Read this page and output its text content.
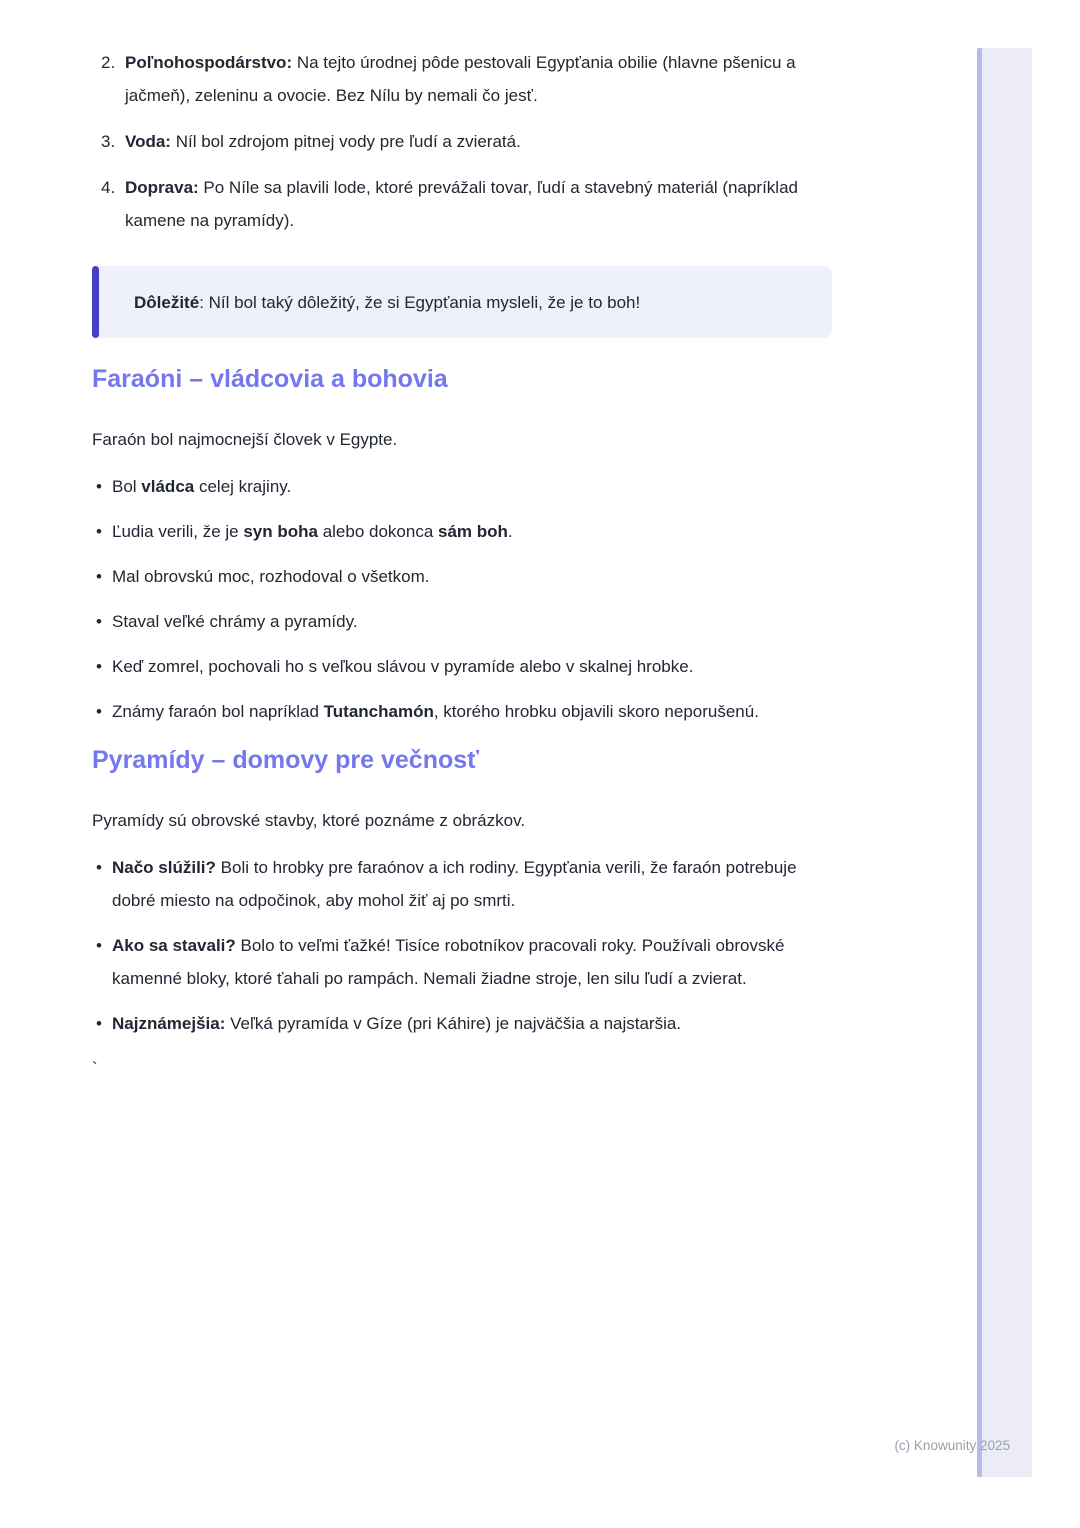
2. Poľnohospodárstvo: Na tejto úrodnej pôde pestovali Egypťania obilie (hlavne pšenicu a jačmeň), zeleninu a ovocie. Bez Nílu by nemali čo jesť.
3. Voda: Níl bol zdrojom pitnej vody pre ľudí a zvieratá.
4. Doprava: Po Níle sa plavili lode, ktoré prevážali tovar, ľudí a stavebný materiál (napríklad kamene na pyramídy).
Dôležité: Níl bol taký dôležitý, že si Egypťania mysleli, že je to boh!
Faraóni – vládcovia a bohovia

Faraón bol najmocnejší človek v Egypte.

• Bol vládca celej krajiny.
• Ľudia verili, že je syn boha alebo dokonca sám boh.
• Mal obrovskú moc, rozhodoval o všetkom.
• Staval veľké chrámy a pyramídy.
• Keď zomrel, pochovali ho s veľkou slávou v pyramíde alebo v skalnej hrobke.
• Známy faraón bol napríklad Tutanchamón, ktorého hrobku objavili skoro neporušenú.
Pyramídy – domovy pre večnosť

Pyramídy sú obrovské stavby, ktoré poznáme z obrázkov.

• Načo slúžili? Boli to hrobky pre faraónov a ich rodiny. Egypťania verili, že faraón potrebuje dobré miesto na odpočinok, aby mohol žiť aj po smrti.
• Ako sa stavali? Bolo to veľmi ťažké! Tisíce robotníkov pracovali roky. Používali obrovské kamenné bloky, ktoré ťahali po rampách. Nemali žiadne stroje, len silu ľudí a zvierat.
• Najznámejšia: Veľká pyramída v Gíze (pri Káhire) je najväčšia a najstaršia.
`
(c) Knowunity 2025
